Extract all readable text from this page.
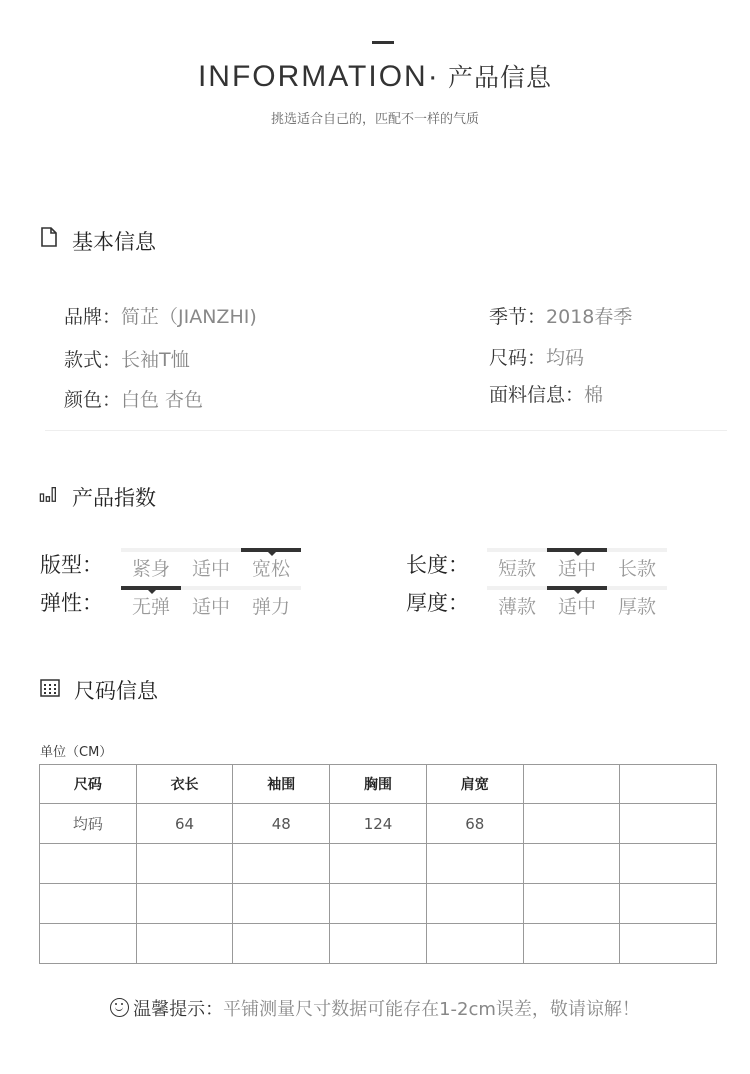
INFORMATION· 产品信息
挑选适合自己的，匹配不一样的气质
基本信息
品牌：简芷（JIANZHI)	季节：2018春季
款式：长袖T恤	尺码：均码
颜色：白色 杏色	面料信息：棉
产品指数
版型：	紧身	适中	宽松	长度：	短款	适中	长款
弹性：	无弹	适中	弹力	厚度：	薄款	适中	厚款
尺码信息
单位（CM）
尺码	衣长	袖围	胸围	肩宽		
均码	64	48	124	68		

温馨提示：平铺测量尺寸数据可能存在1-2cm误差，敬请谅解！
